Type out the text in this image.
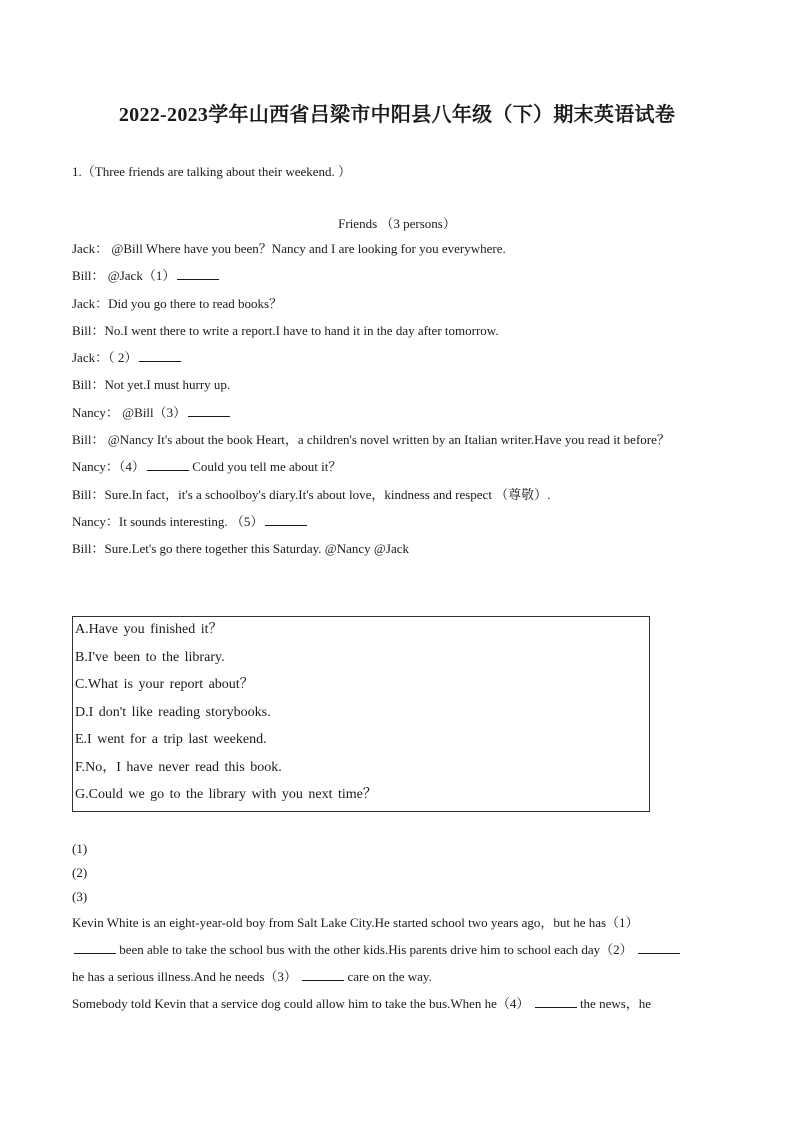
2022-2023学年山西省吕梁市中阳县八年级（下）期末英语试卷
1.（Three friends are talking about their weekend. ）
Friends （3 persons）
Jack： @Bill Where have you been？Nancy and I are looking for you everywhere.
Bill： @Jack（1）
Jack：Did you go there to read books？
Bill：No.I went there to write a report.I have to hand it in the day after tomorrow.
Jack：（ 2）
Bill：Not yet.I must hurry up.
Nancy： @Bill（3）
Bill： @Nancy It's about the book Heart，a children's novel written by an Italian writer.Have you read it before？
Nancy：（4）	Could you tell me about it？
Bill：Sure.In fact，it's a schoolboy's diary.It's about love，kindness and respect （尊敬）.
Nancy：It sounds interesting. （5）
Bill：Sure.Let's go there together this Saturday. @Nancy @Jack
A.Have you finished it？
B.I've been to the library.
C.What is your report about？
D.I don't like reading storybooks.
E.I went for a trip last weekend.
F.No，I have never read this book.
G.Could we go to the library with you next time？
(1)
(2)
(3)
Kevin White is an eight-year-old boy from Salt Lake City.He started school two years ago，but he has（1）
been able to take the school bus with the other kids.His parents drive him to school each day（2）
he has a serious illness.And he needs（3）	care on the way.
Somebody told Kevin that a service dog could allow him to take the bus.When he（4）	the news，he
